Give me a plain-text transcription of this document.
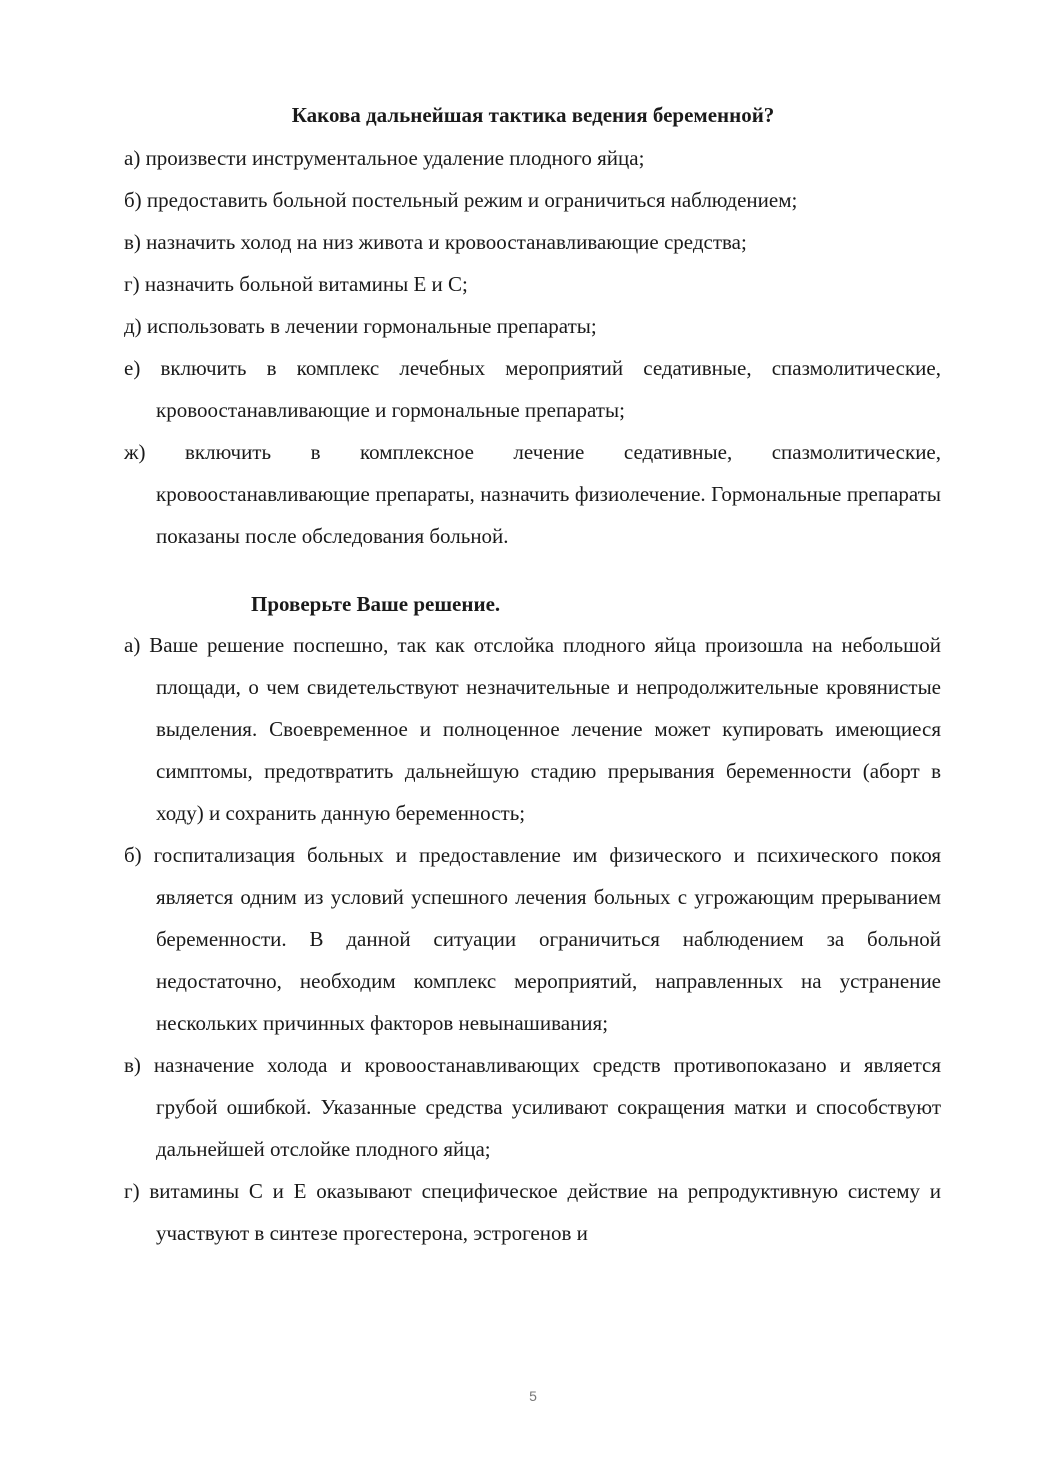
Какова дальнейшая тактика ведения беременной?

а) произвести инструментальное удаление плодного яйца;

б) предоставить больной постельный режим и ограничиться наблюдением;

в) назначить холод на низ живота и кровоостанавливающие средства;

г) назначить больной витамины Е и С;

д) использовать в лечении гормональные препараты;

е) включить в комплекс лечебных мероприятий седативные, спазмолитические, кровоостанавливающие и гормональные препараты;

ж) включить в комплексное лечение седативные, спазмолитические, кровоостанавливающие препараты, назначить физиолечение. Гормональные препараты показаны после обследования больной.

Проверьте Ваше решение.

а) Ваше решение поспешно, так как отслойка плодного яйца произошла на небольшой площади, о чем свидетельствуют незначительные и непродолжительные кровянистые выделения. Своевременное и полноценное лечение может купировать имеющиеся симптомы, предотвратить дальнейшую стадию прерывания беременности (аборт в ходу) и сохранить данную беременность;

б) госпитализация больных и предоставление им физического и психического покоя является одним из условий успешного лечения больных с угрожающим прерыванием беременности. В данной ситуации ограничиться наблюдением за больной недостаточно, необходим комплекс мероприятий, направленных на устранение нескольких причинных факторов невынашивания;

в) назначение холода и кровоостанавливающих средств противопоказано и является грубой ошибкой. Указанные средства усиливают сокращения матки и способствуют дальнейшей отслойке плодного яйца;

г) витамины С и Е оказывают специфическое действие на репродуктивную систему и участвуют в синтезе прогестерона, эстрогенов и

5
